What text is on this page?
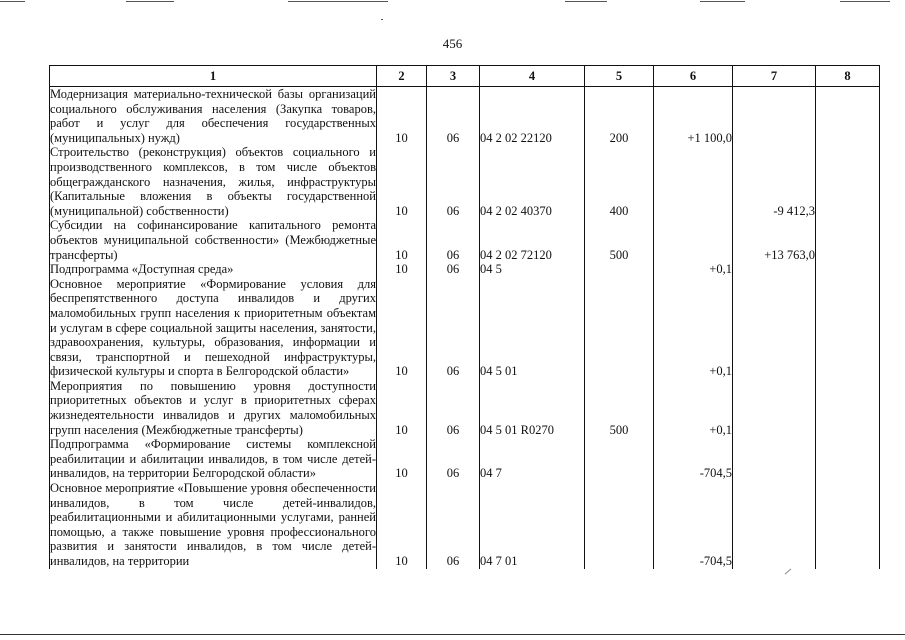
456
1	2	3	4	5	6	7	8
Модернизация материально-технической базы организаций социального обслуживания населения (Закупка товаров, работ и услуг для обеспечения государственных (муниципальных) нужд)	10	06	04 2 02 22120	200	+1 100,0		
Строительство (реконструкция) объектов социального и производственного комплексов, в том числе объектов общегражданского назначения, жилья, инфраструктуры (Капитальные вложения в объекты государственной (муниципальной) собственности)	10	06	04 2 02 40370	400		-9 412,3	
Субсидии на софинансирование капитального ремонта объектов муниципальной собственности» (Межбюджетные трансферты)	10	06	04 2 02 72120	500		+13 763,0	
Подпрограмма «Доступная среда»	10	06	04 5		+0,1		
Основное мероприятие «Формирование условия для беспрепятственного доступа инвалидов и других маломобильных групп населения к приоритетным объектам и услугам в сфере социальной защиты населения, занятости, здравоохранения, культуры, образования, информации и связи, транспортной и пешеходной инфраструктуры, физической культуры и спорта в Белгородской области»	10	06	04 5 01		+0,1		
Мероприятия по повышению уровня доступности приоритетных объектов и услуг в приоритетных сферах жизнедеятельности инвалидов и других маломобильных групп населения (Межбюджетные трансферты)	10	06	04 5 01 R0270	500	+0,1		
Подпрограмма «Формирование системы комплексной реабилитации и абилитации инвалидов, в том числе детей-инвалидов, на территории Белгородской области»	10	06	04 7		-704,5		
Основное мероприятие «Повышение уровня обеспеченности инвалидов, в том числе детей-инвалидов, реабилитационными и абилитационными услугами, ранней помощью, а также повышение уровня профессионального развития и занятости инвалидов, в том числе детей-инвалидов, на территории	10	06	04 7 01		-704,5		
